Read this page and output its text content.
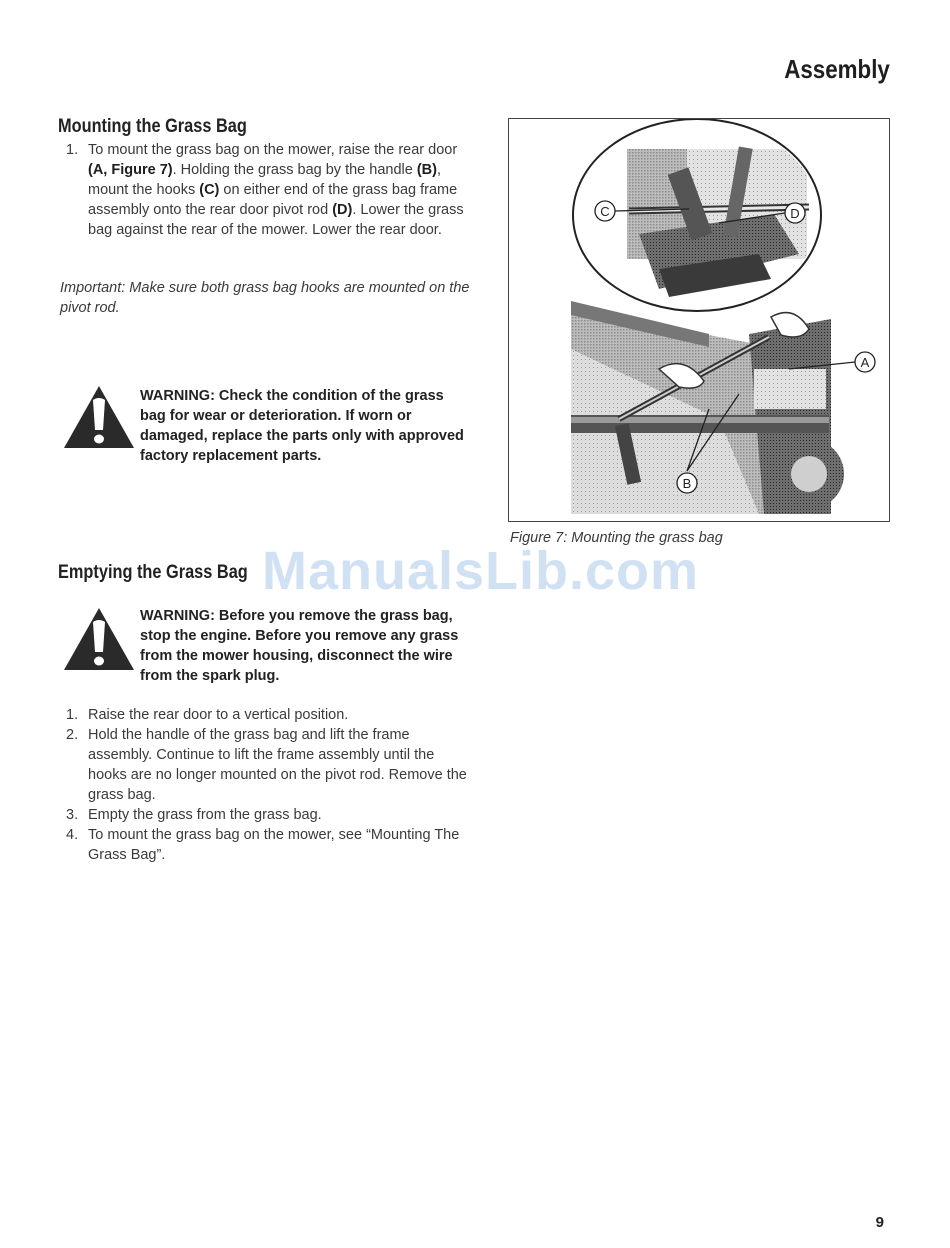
Assembly
Mounting the Grass Bag
1. To mount the grass bag on the mower, raise the rear door (A, Figure 7). Holding the grass bag by the handle (B), mount the hooks (C) on either end of the grass bag frame assembly onto the rear door pivot rod (D). Lower the grass bag against the rear of the mower. Lower the rear door.
Important: Make sure both grass bag hooks are mounted on the pivot rod.
WARNING: Check the condition of the grass bag for wear or deterioration. If worn or damaged, replace the parts only with approved factory replacement parts.
Emptying the Grass Bag
WARNING: Before you remove the grass bag, stop the engine. Before you remove any grass from the mower housing, disconnect the wire from the spark plug.
1. Raise the rear door to a vertical position.
2. Hold the handle of the grass bag and lift the frame assembly. Continue to lift the frame assembly until the hooks are no longer mounted on the pivot rod. Remove the grass bag.
3. Empty the grass from the grass bag.
4. To mount the grass bag on the mower, see “Mounting The Grass Bag”.
C	D
A
B
Figure 7: Mounting the grass bag
ManualsLib.com
9
